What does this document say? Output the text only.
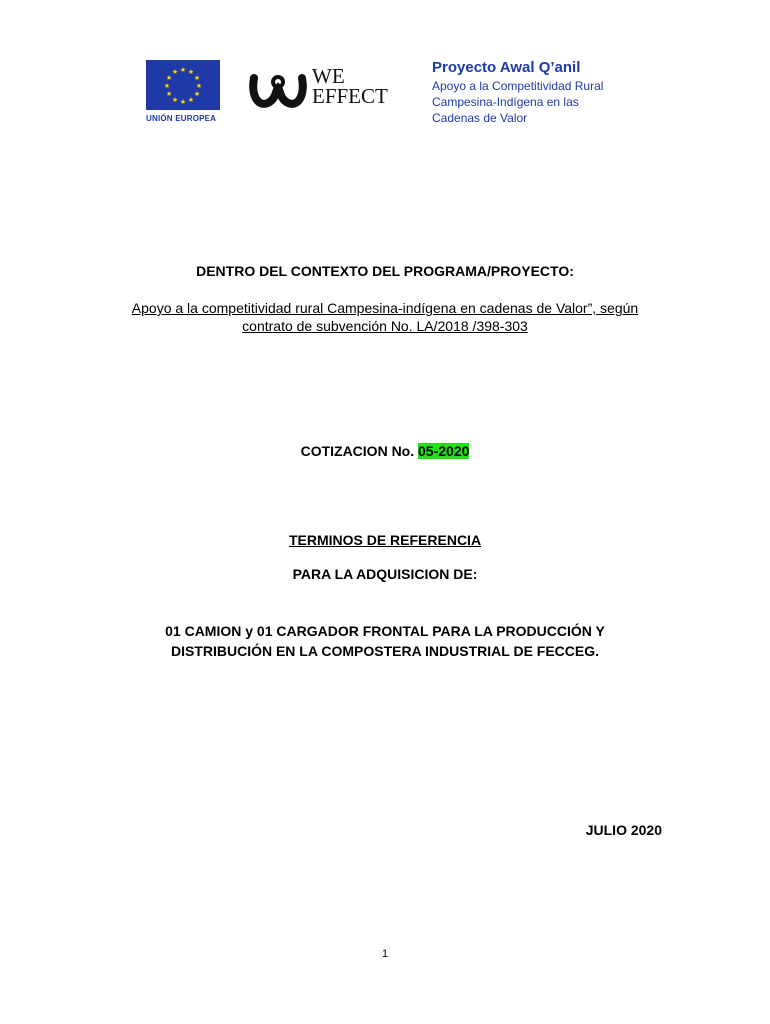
★ ★
★
★
★
★
★
★
★
★
★
★
UNIÓN EUROPEA
WE
EFFECT
Proyecto Awal Q’anil
Apoyo a la Competitividad Rural
Campesina-Indígena en las
Cadenas de Valor
DENTRO DEL CONTEXTO DEL PROGRAMA/PROYECTO:
Apoyo a la competitividad rural Campesina-indígena en cadenas de Valor”, según
contrato de subvención No. LA/2018 /398-303
COTIZACION No. 05-2020
TERMINOS DE REFERENCIA
PARA LA ADQUISICION DE:
01 CAMION y 01 CARGADOR FRONTAL PARA LA PRODUCCIÓN Y
DISTRIBUCIÓN EN LA COMPOSTERA INDUSTRIAL DE FECCEG.
JULIO 2020
1
